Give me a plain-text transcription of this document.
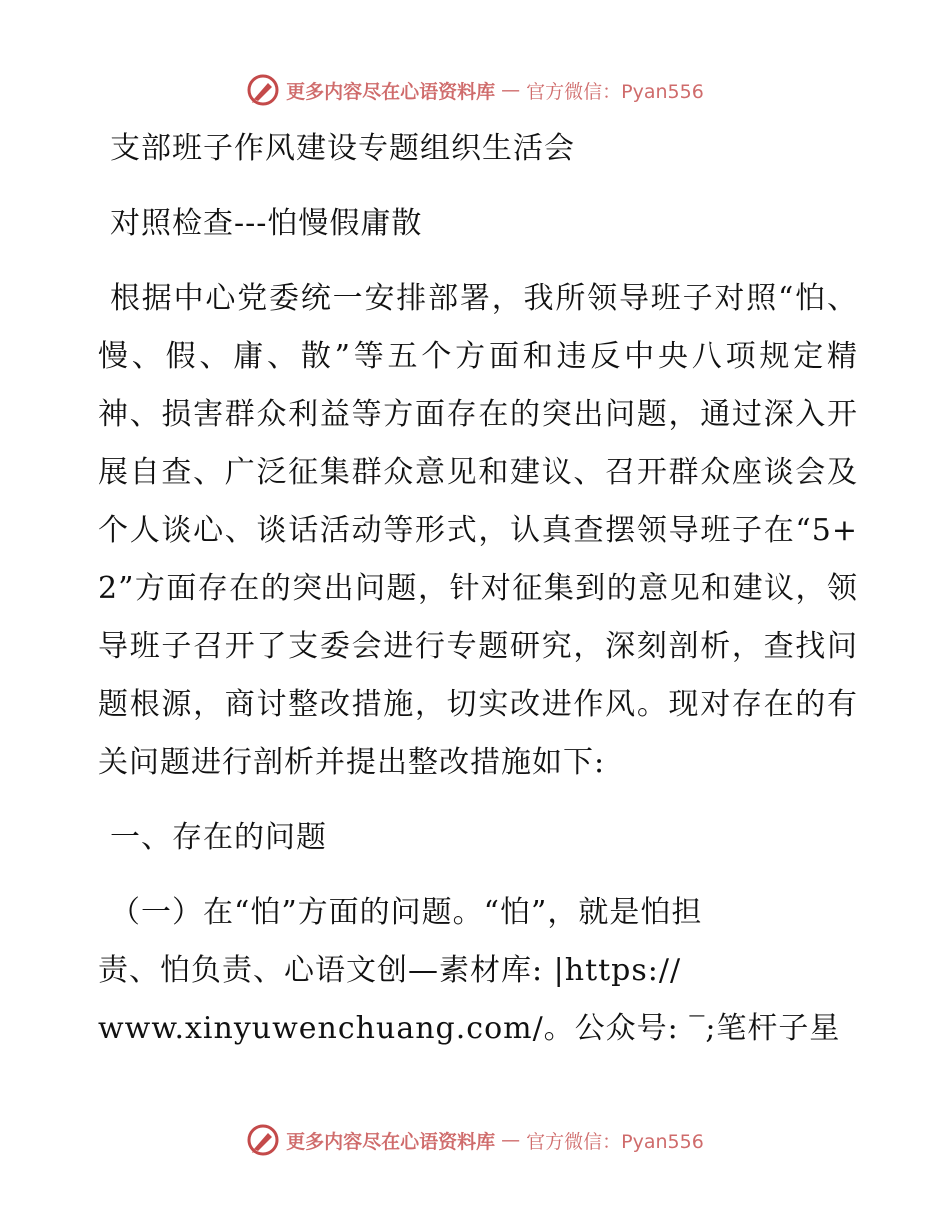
更多内容尽在心语资料库 — 官方微信：Pyan556
支部班子作风建设专题组织生活会
对照检查---怕慢假庸散

根据中心党委统一安排部署，我所领导班子对照“怕、慢、假、庸、散”等五个方面和违反中央八项规定精神、损害群众利益等方面存在的突出问题，通过深入开展自查、广泛征集群众意见和建议、召开群众座谈会及个人谈心、谈话活动等形式，认真查摆领导班子在“5+2”方面存在的突出问题，针对征集到的意见和建议，领导班子召开了支委会进行专题研究，深刻剖析，查找问题根源，商讨整改措施，切实改进作风。现对存在的有关问题进行剖析并提出整改措施如下:

一、存在的问题

（一）在“怕”方面的问题。“怕”，就是怕担
责、怕负责、心语文创—素材库: |https://
www.xinyuwenchuang.com/。公众号: ‾;笔杆子星

更多内容尽在心语资料库 — 官方微信：Pyan556
